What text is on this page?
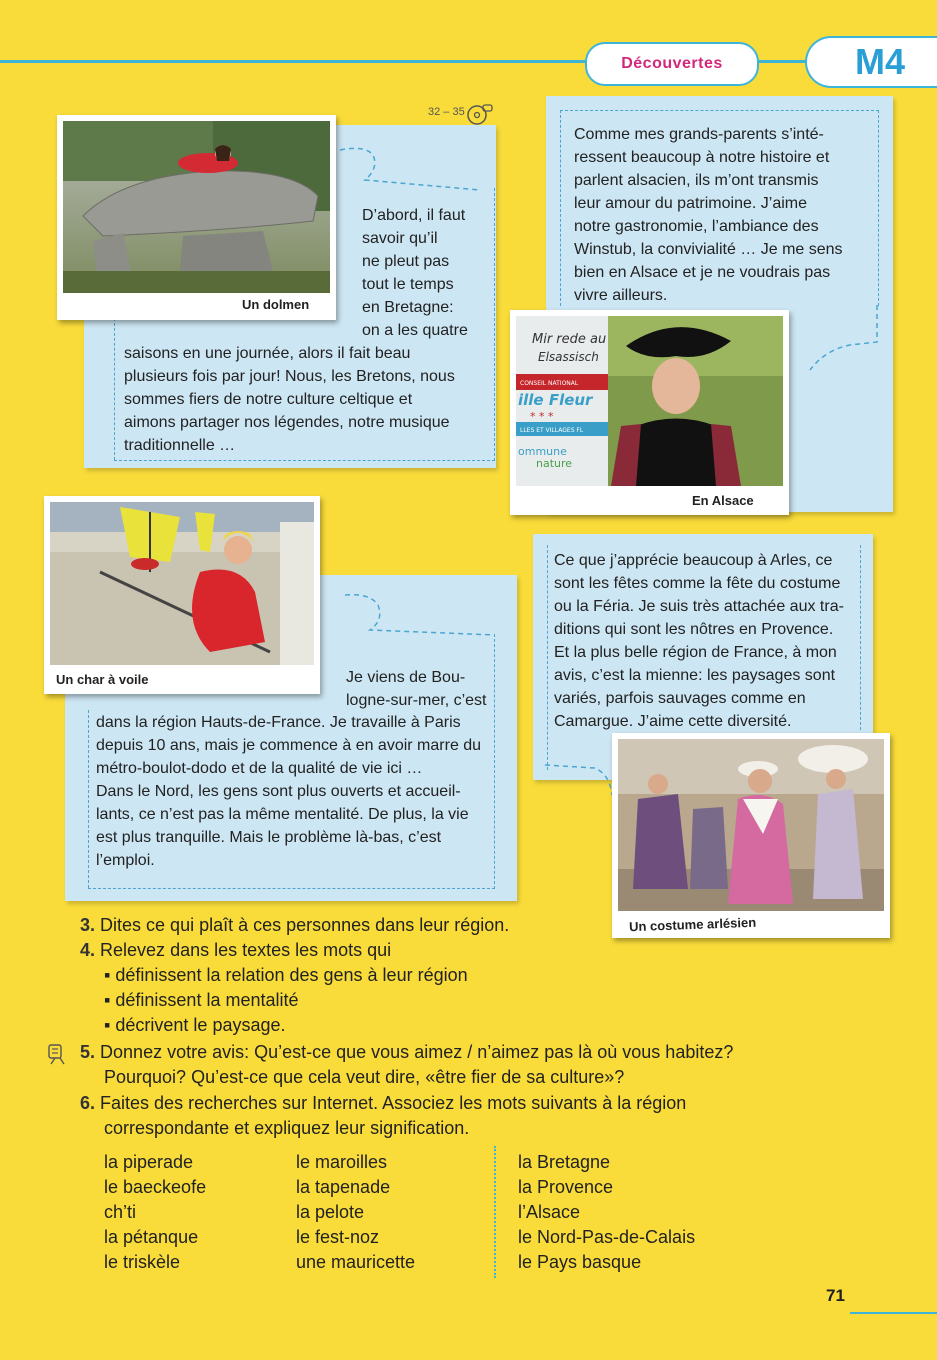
Découvertes	M4
32 – 35
D’abord, il faut
savoir qu’il
ne pleut pas
tout le temps
en Bretagne:
on a les quatre
saisons en une journée, alors il fait beau
plusieurs fois par jour! Nous, les Bretons, nous
sommes fiers de notre culture celtique et
aimons partager nos légendes, notre musique
traditionnelle …
Un dolmen
Comme mes grands-parents s’inté-
ressent beaucoup à notre histoire et
parlent alsacien, ils m’ont transmis
leur amour du patrimoine. J’aime
notre gastronomie, l’ambiance des
Winstub, la convivialité … Je me sens
bien en Alsace et je ne voudrais pas
vivre ailleurs.
Mir rede au
Elsassisch
CONSEIL NATIONAL
ille Fleur
* * *
LLES ET VILLAGES FL
ommune
nature
En Alsace
Je viens de Bou-
logne-sur-mer, c’est
dans la région Hauts-de-France. Je travaille à Paris
depuis 10 ans, mais je commence à en avoir marre du
métro-boulot-dodo et de la qualité de vie ici …
Dans le Nord, les gens sont plus ouverts et accueil-
lants, ce n’est pas la même mentalité. De plus, la vie
est plus tranquille. Mais le problème là-bas, c’est
l’emploi.
Un char à voile
Ce que j’apprécie beaucoup à Arles, ce
sont les fêtes comme la fête du costume
ou la Féria. Je suis très attachée aux tra-
ditions qui sont les nôtres en Provence.
Et la plus belle région de France, à mon
avis, c’est la mienne: les paysages sont
variés, parfois sauvages comme en
Camargue. J’aime cette diversité.
Un costume arlésien
3. Dites ce qui plaît à ces personnes dans leur région.
4. Relevez dans les textes les mots qui
▪ définissent la relation des gens à leur région
▪ définissent la mentalité
▪ décrivent le paysage.
5. Donnez votre avis: Qu’est-ce que vous aimez / n’aimez pas là où vous habitez?
Pourquoi? Qu’est-ce que cela veut dire, «être fier de sa culture»?
6. Faites des recherches sur Internet. Associez les mots suivants à la région
correspondante et expliquez leur signification.
la piperade
le baeckeofe
ch’ti
la pétanque
le triskèle
le maroilles
la tapenade
la pelote
le fest-noz
une mauricette
la Bretagne
la Provence
l’Alsace
le Nord-Pas-de-Calais
le Pays basque
71
